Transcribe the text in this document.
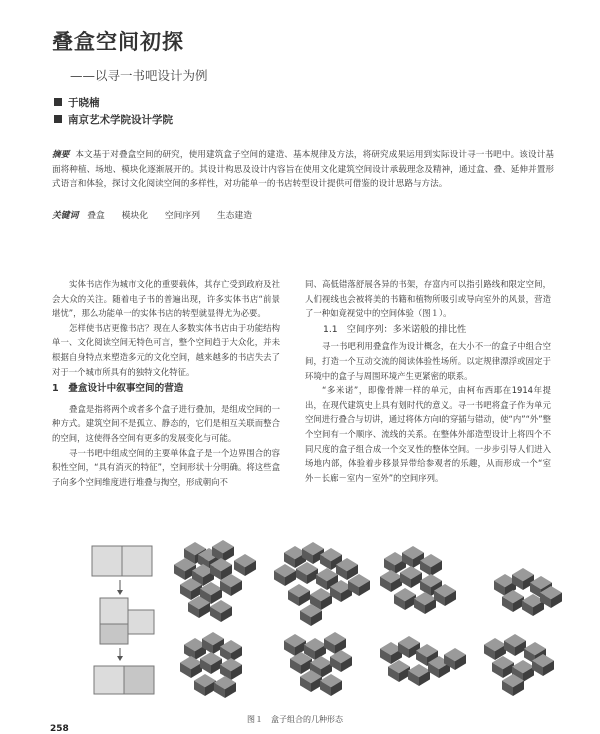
叠盒空间初探
——以寻一书吧设计为例
于晓楠
南京艺术学院设计学院
摘要 本文基于对叠盒空间的研究，使用建筑盒子空间的建造、基本规律及方法，将研究成果运用到实际设计寻一书吧中。该设计基面将种植、场地、模块化逐渐展开的。其设计构思及设计内容旨在使用文化建筑空间设计承载理念及精神，通过盒、叠、延伸并置形式语言和体验，探讨文化阅读空间的多样性，对功能单一的书店转型设计提供可借鉴的设计思路与方法。
关键词 叠盒 模块化 空间序列 生态建造

实体书店作为城市文化的重要载体，其存亡受到政府及社会大众的关注。随着电子书的普遍出现，许多实体书店“前景堪忧”，那么功能单一的实体书店的转型就显得尤为必要。

怎样使书店更像书店？现在人多数实体书店由于功能结构单一、文化阅读空间无特色可言，整个空间趋于大众化，并未根据自身特点来塑造多元的文化空间，越来越多的书店失去了对于一个城市所具有的独特文化特征。

1　叠盒设计中叙事空间的营造

叠盒是指将两个或者多个盒子进行叠加，是组成空间的一种方式。建筑空间不是孤立、静态的，它们是相互关联而整合的空间，这使得各空间有更多的发展变化与可能。

寻一书吧中组成空间的主要单体盒子是一个边界围合的容积性空间，“具有消灭的特征”，空间形状十分明确。将这些盒子向多个空间维度进行堆叠与掏空，形成朝向不

同、高低错落舒展各异的书架，存富内可以指引路线和限定空间，人们视线也会被将美的书籍和植物所吸引或导向室外的风景，营造了一种如竟视觉中的空间体验（图１）。

1.1　空间序列：多米诺般的排比性

寻一书吧利用叠盒作为设计概念，在大小不一的盒子中组合空间，打造一个互动交流的阅读体验性场所。以定规律漂浮或固定于环境中的盒子与周围环境产生更紧密的联系。

“多米诺”，即像骨牌一样的单元，由柯布西耶在1914年提出，在现代建筑史上具有划时代的意义。寻一书吧将盒子作为单元空间进行叠合与切讲，通过将体方向Ⅰ的穿插与错动，使“内”“外”整个空间有一个顺序、流线的关系。在整体外部造型设计上将四个不同尺度的盒子组合成一个交叉性的整体空间。一步步引导人们进入场地内部，体验着步移景异带给参观者的乐趣，从而形成一个“室外－长廊－室内－室外”的空间序列。

图１　盒子组合的几种形态
258
